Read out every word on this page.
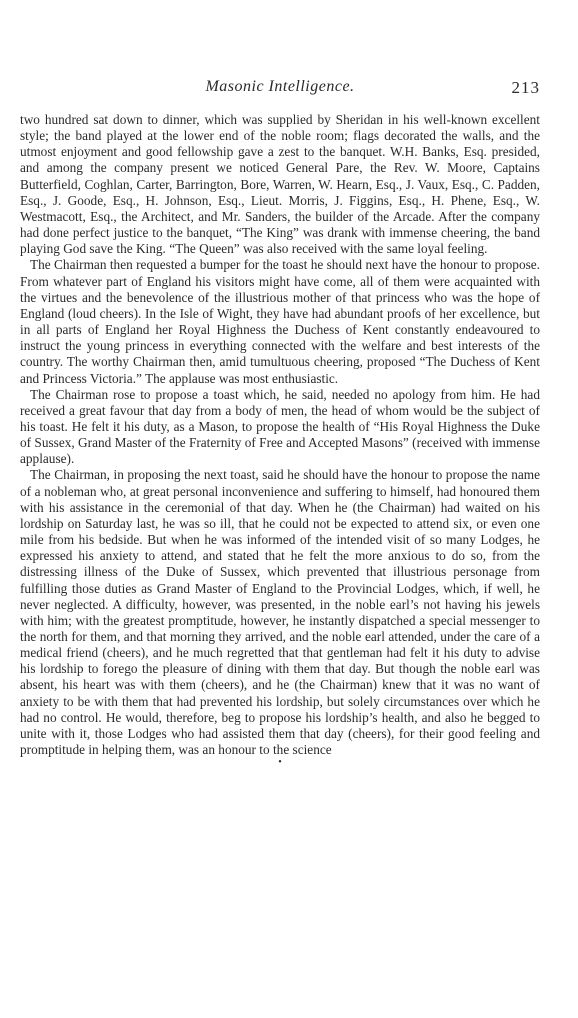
Masonic Intelligence.	213

two hundred sat down to dinner, which was supplied by Sheridan in his well-known excellent style; the band played at the lower end of the noble room; flags decorated the walls, and the utmost enjoyment and good fellowship gave a zest to the banquet. W.H. Banks, Esq. presided, and among the company present we noticed General Pare, the Rev. W. Moore, Captains Butterfield, Coghlan, Carter, Barrington, Bore, Warren, W. Hearn, Esq., J. Vaux, Esq., C. Padden, Esq., J. Goode, Esq., H. Johnson, Esq., Lieut. Morris, J. Figgins, Esq., H. Phene, Esq., W. Westmacott, Esq., the Architect, and Mr. Sanders, the builder of the Arcade. After the company had done perfect justice to the banquet, “The King” was drank with immense cheering, the band playing God save the King. “The Queen” was also received with the same loyal feeling.

The Chairman then requested a bumper for the toast he should next have the honour to propose. From whatever part of England his visitors might have come, all of them were acquainted with the virtues and the benevolence of the illustrious mother of that princess who was the hope of England (loud cheers). In the Isle of Wight, they have had abundant proofs of her excellence, but in all parts of England her Royal Highness the Duchess of Kent constantly endeavoured to instruct the young princess in everything connected with the welfare and best interests of the country. The worthy Chairman then, amid tumultuous cheering, proposed “The Duchess of Kent and Princess Victoria.” The applause was most enthusiastic.

The Chairman rose to propose a toast which, he said, needed no apology from him. He had received a great favour that day from a body of men, the head of whom would be the subject of his toast. He felt it his duty, as a Mason, to propose the health of “His Royal Highness the Duke of Sussex, Grand Master of the Fraternity of Free and Accepted Masons” (received with immense applause).

The Chairman, in proposing the next toast, said he should have the honour to propose the name of a nobleman who, at great personal inconvenience and suffering to himself, had honoured them with his assistance in the ceremonial of that day. When he (the Chairman) had waited on his lordship on Saturday last, he was so ill, that he could not be expected to attend six, or even one mile from his bedside. But when he was informed of the intended visit of so many Lodges, he expressed his anxiety to attend, and stated that he felt the more anxious to do so, from the distressing illness of the Duke of Sussex, which prevented that illustrious personage from fulfilling those duties as Grand Master of England to the Provincial Lodges, which, if well, he never neglected. A difficulty, however, was presented, in the noble earl’s not having his jewels with him; with the greatest promptitude, however, he instantly dispatched a special messenger to the north for them, and that morning they arrived, and the noble earl attended, under the care of a medical friend (cheers), and he much regretted that that gentleman had felt it his duty to advise his lordship to forego the pleasure of dining with them that day. But though the noble earl was absent, his heart was with them (cheers), and he (the Chairman) knew that it was no want of anxiety to be with them that had prevented his lordship, but solely circumstances over which he had no control. He would, therefore, beg to propose his lordship’s health, and also he begged to unite with it, those Lodges who had assisted them that day (cheers), for their good feeling and promptitude in helping them, was an honour to the science

•
